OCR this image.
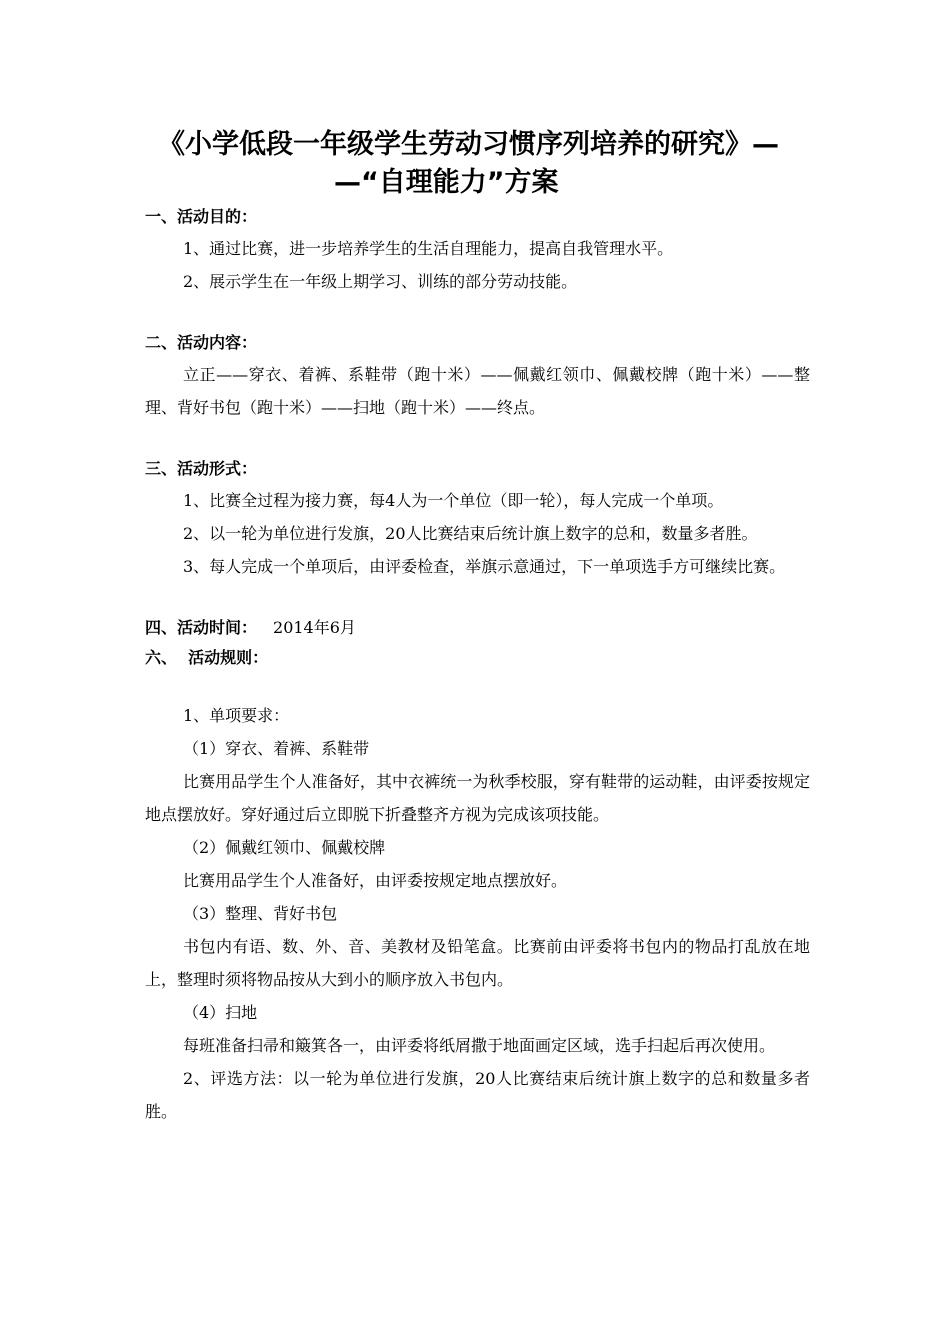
《小学低段一年级学生劳动习惯序列培养的研究》—
—“自理能力”方案

一、活动目的：

1、通过比赛，进一步培养学生的生活自理能力，提高自我管理水平。

2、展示学生在一年级上期学习、训练的部分劳动技能。

二、活动内容：

立正——穿衣、着裤、系鞋带（跑十米）——佩戴红领巾、佩戴校牌（跑十米）——整理、背好书包（跑十米）——扫地（跑十米）——终点。

三、活动形式：

1、比赛全过程为接力赛，每4人为一个单位（即一轮），每人完成一个单项。

2、以一轮为单位进行发旗，20人比赛结束后统计旗上数字的总和，数量多者胜。

3、每人完成一个单项后，由评委检查，举旗示意通过，下一单项选手方可继续比赛。

四、活动时间： 2014年6月

六、  活动规则：

1、单项要求：

（1）穿衣、着裤、系鞋带

比赛用品学生个人准备好，其中衣裤统一为秋季校服，穿有鞋带的运动鞋，由评委按规定地点摆放好。穿好通过后立即脱下折叠整齐方视为完成该项技能。

（2）佩戴红领巾、佩戴校牌

比赛用品学生个人准备好，由评委按规定地点摆放好。

（3）整理、背好书包

书包内有语、数、外、音、美教材及铅笔盒。比赛前由评委将书包内的物品打乱放在地上，整理时须将物品按从大到小的顺序放入书包内。

（4）扫地

每班准备扫帚和簸箕各一，由评委将纸屑撒于地面画定区域，选手扫起后再次使用。

2、评选方法：以一轮为单位进行发旗，20人比赛结束后统计旗上数字的总和数量多者胜。
